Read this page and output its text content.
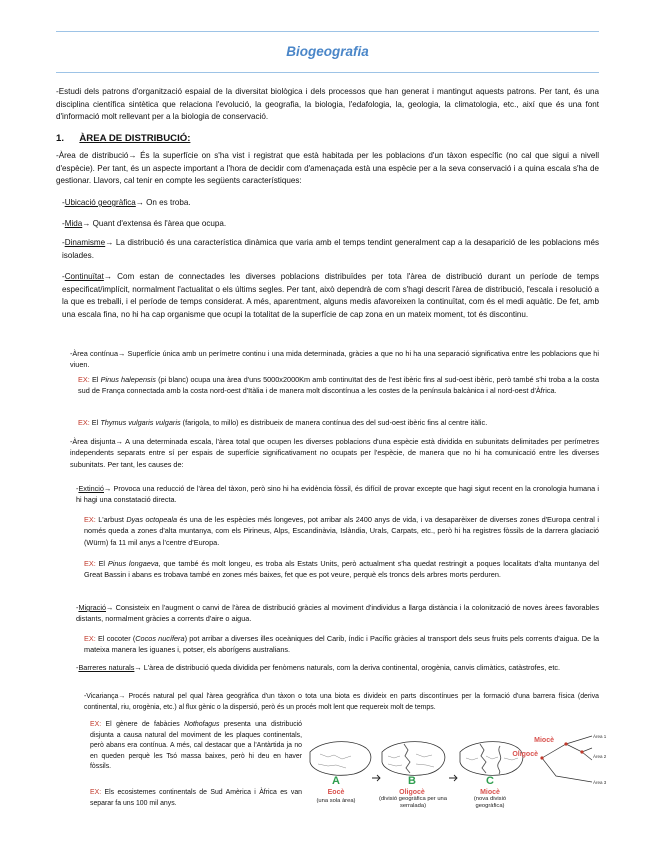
Biogeografia
-Estudi dels patrons d'organització espaial de la diversitat biològica i dels processos que han generat i mantingut aquests patrons. Per tant, és una disciplina científica sintètica que relaciona l'evolució, la geografia, la biologia, l'edafologia, la, geologia, la climatologia, etc., així que és una font d'informació molt rellevant per a la biologia de conservació.
1. ÀREA DE DISTRIBUCIÓ:
-Àrea de distribució→ És la superfície on s'ha vist i registrat que està habitada per les poblacions d'un tàxon específic (no cal que sigui a nivell d'espècie). Per tant, és un aspecte important a l'hora de decidir com d'amenaçada està una espècie per a la seva conservació i a quina escala s'ha de gestionar. Llavors, cal tenir en compte les següents característiques:
-Ubicació geogràfica→ On es troba.
-Mida→ Quant d'extensa és l'àrea que ocupa.
-Dinamisme→ La distribució és una característica dinàmica que varia amb el temps tendint generalment cap a la desaparició de les poblacions més isolades.
-Continuïtat→ Com estan de connectades les diverses poblacions distribuïdes per tota l'àrea de distribució durant un període de temps especificat/implícit, normalment l'actualitat o els últims segles. Per tant, això dependrà de com s'hagi descrit l'àrea de distribució, l'escala i resolució a la que es treballi, i el període de temps considerat. A més, aparentment, alguns medis afavoreixen la continuïtat, com és el medi aquàtic. De fet, amb una escala fina, no hi ha cap organisme que ocupi la totalitat de la superfície de cap zona en un mateix moment, tot és discontinu.
-Àrea contínua→ Superfície única amb un perímetre continu i una mida determinada, gràcies a que no hi ha una separació significativa entre les poblacions que hi viuen.
EX: El Pinus halepensis (pi blanc) ocupa una àrea d'uns 5000x2000Km amb continuïtat des de l'est ibèric fins al sud-oest ibèric, però també s'hi troba a la costa sud de França connectada amb la costa nord-oest d'Itàlia i de manera molt discontínua a les costes de la península balcànica i al nord-oest d'Àfrica.
EX: El Thymus vulgaris vulgaris (farigola, to millo) es distribueix de manera contínua des del sud-oest ibèric fins al centre itàlic.
-Àrea disjunta→ A una determinada escala, l'àrea total que ocupen les diverses poblacions d'una espècie està dividida en subunitats delimitades per perímetres independents separats entre sí per espais de superfície significativament no ocupats per l'espècie, de manera que no hi ha comunicació entre les diverses subunitats. Per tant, les causes de:
-Extinció→ Provoca una reducció de l'àrea del tàxon, però sino hi ha evidència fòssil, és difícil de provar excepte que hagi sigut recent en la cronologia humana i hi hagi una constatació directa.
EX: L'arbust Dyas octopeala és una de les espècies més longeves, pot arribar als 2400 anys de vida, i va desaparèixer de diverses zones d'Europa central i només queda a zones d'alta muntanya, com els Pirineus, Alps, Escandinàvia, Islàndia, Urals, Carpats, etc., però hi ha registres fòssils de la darrera glaciació (Würm) fa 11 mil anys a l'centre d'Europa.
EX: El Pinus longaeva, que també és molt longeu, es troba als Estats Units, però actualment s'ha quedat restringit a poques localitats d'alta muntanya del Great Bassin i abans es trobava també en zones més baixes, fet que es pot veure, perquè els troncs dels arbres morts perduren.
-Migració→ Consisteix en l'augment o canvi de l'àrea de distribució gràcies al moviment d'individus a llarga distància i la colonització de noves àrees favorables distants, normalment gràcies a corrents d'aire o aigua.
EX: El cocoter (Cocos nucífera) pot arribar a diverses illes oceàniques del Carib, índic i Pacífic gràcies al transport dels seus fruits pels corrents d'aigua. De la mateixa manera les iguanes i, potser, els aborígens australians.
-Barreres naturals→ L'àrea de distribució queda dividida per fenòmens naturals, com la deriva continental, orogènia, canvis climàtics, catàstrofes, etc.
-Vicariança→ Procés natural pel qual l'àrea geogràfica d'un tàxon o tota una biota es divideix en parts discontínues per la formació d'una barrera física (deriva continental, riu, orogènia, etc.) al flux gènic o la dispersió, però és un procés molt lent que requereix molt de temps.
EX: El gènere de fabàcies Nothofagus presenta una distribució disjunta a causa natural del moviment de les plaques continentals, però abans era contínua. A més, cal destacar que a l'Antàrtida ja no en queden perquè les Tsó massa baixes, però hi deu en haver fòssils.
EX: Els ecosistemes continentals de Sud Amèrica i Àfrica es van separar fa uns 100 mil anys.
A	B	C
Eocè	Oligocè	Miocè
(una sola àrea)	(divisió geogràfica per una serralada)
(nova divisió geogràfica)
Miocè
Oligocè
Área 1
Área 2
Área 3
